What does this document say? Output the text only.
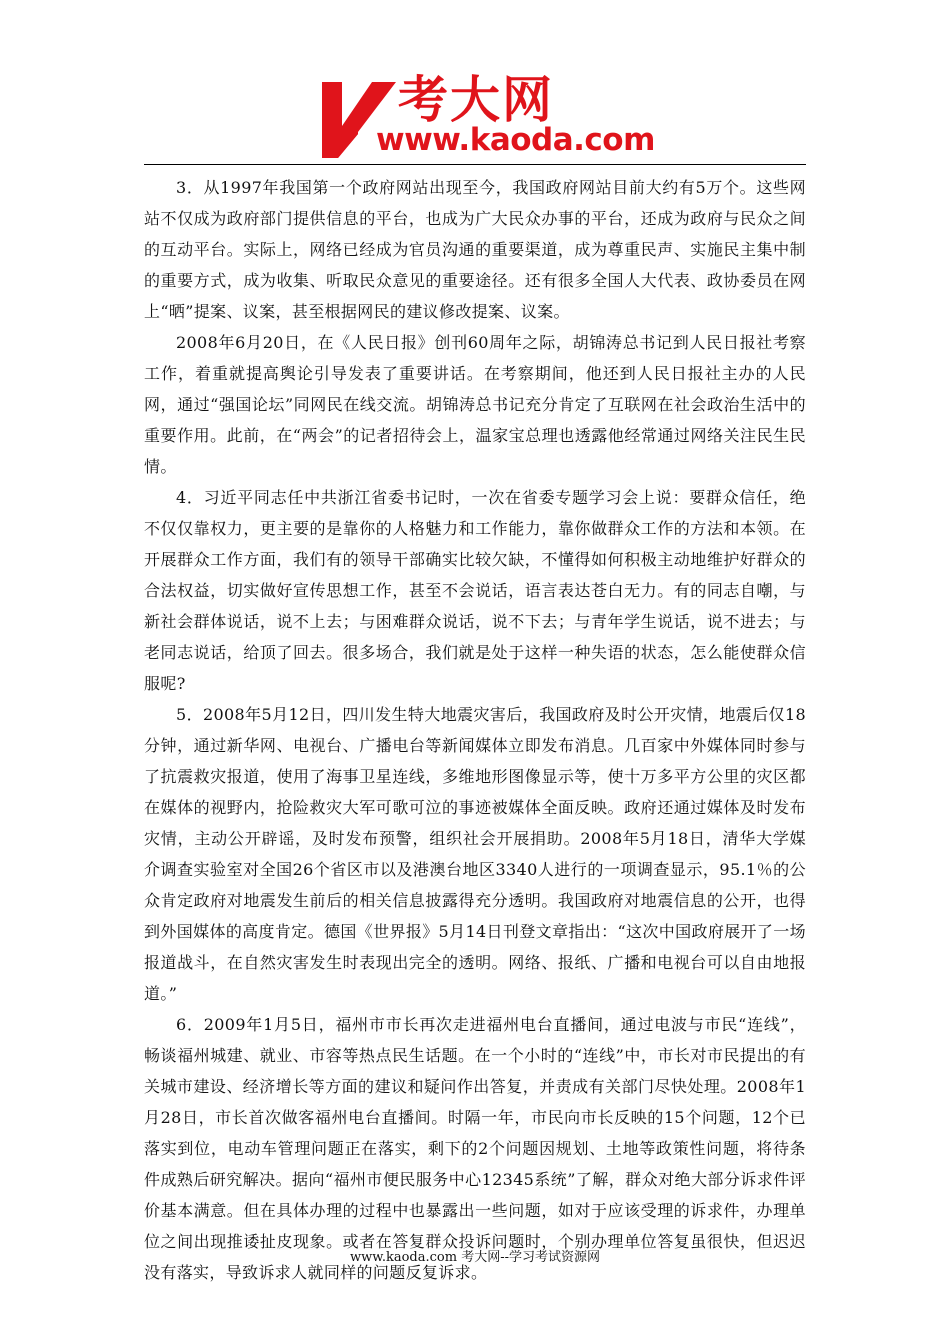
考大网
www.kaoda.com

3．从1997年我国第一个政府网站出现至今，我国政府网站目前大约有5万个。这些网站不仅成为政府部门提供信息的平台，也成为广大民众办事的平台，还成为政府与民众之间的互动平台。实际上，网络已经成为官员沟通的重要渠道，成为尊重民声、实施民主集中制的重要方式，成为收集、听取民众意见的重要途径。还有很多全国人大代表、政协委员在网上“晒”提案、议案，甚至根据网民的建议修改提案、议案。

2008年6月20日，在《人民日报》创刊60周年之际，胡锦涛总书记到人民日报社考察工作，着重就提高舆论引导发表了重要讲话。在考察期间，他还到人民日报社主办的人民网，通过“强国论坛”同网民在线交流。胡锦涛总书记充分肯定了互联网在社会政治生活中的重要作用。此前，在“两会”的记者招待会上，温家宝总理也透露他经常通过网络关注民生民情。

4．习近平同志任中共浙江省委书记时，一次在省委专题学习会上说：要群众信任，绝不仅仅靠权力，更主要的是靠你的人格魅力和工作能力，靠你做群众工作的方法和本领。在开展群众工作方面，我们有的领导干部确实比较欠缺，不懂得如何积极主动地维护好群众的合法权益，切实做好宣传思想工作，甚至不会说话，语言表达苍白无力。有的同志自嘲，与新社会群体说话，说不上去；与困难群众说话，说不下去；与青年学生说话，说不进去；与老同志说话，给顶了回去。很多场合，我们就是处于这样一种失语的状态，怎么能使群众信服呢?

5．2008年5月12日，四川发生特大地震灾害后，我国政府及时公开灾情，地震后仅18分钟，通过新华网、电视台、广播电台等新闻媒体立即发布消息。几百家中外媒体同时参与了抗震救灾报道，使用了海事卫星连线，多维地形图像显示等，使十万多平方公里的灾区都在媒体的视野内，抢险救灾大军可歌可泣的事迹被媒体全面反映。政府还通过媒体及时发布灾情，主动公开辟谣，及时发布预警，组织社会开展捐助。2008年5月18日，清华大学媒介调查实验室对全国26个省区市以及港澳台地区3340人进行的一项调查显示，95.1％的公众肯定政府对地震发生前后的相关信息披露得充分透明。我国政府对地震信息的公开，也得到外国媒体的高度肯定。德国《世界报》5月14日刊登文章指出：“这次中国政府展开了一场报道战斗，在自然灾害发生时表现出完全的透明。网络、报纸、广播和电视台可以自由地报道。”

6．2009年1月5日，福州市市长再次走进福州电台直播间，通过电波与市民“连线”，畅谈福州城建、就业、市容等热点民生话题。在一个小时的“连线”中，市长对市民提出的有关城市建设、经济增长等方面的建议和疑问作出答复，并责成有关部门尽快处理。2008年1月28日，市长首次做客福州电台直播间。时隔一年，市民向市长反映的15个问题，12个已落实到位，电动车管理问题正在落实，剩下的2个问题因规划、土地等政策性问题，将待条件成熟后研究解决。据向“福州市便民服务中心12345系统”了解，群众对绝大部分诉求件评价基本满意。但在具体办理的过程中也暴露出一些问题，如对于应该受理的诉求件，办理单位之间出现推诿扯皮现象。或者在答复群众投诉问题时，个别办理单位答复虽很快，但迟迟没有落实，导致诉求人就同样的问题反复诉求。

www.kaoda.com 考大网--学习考试资源网
